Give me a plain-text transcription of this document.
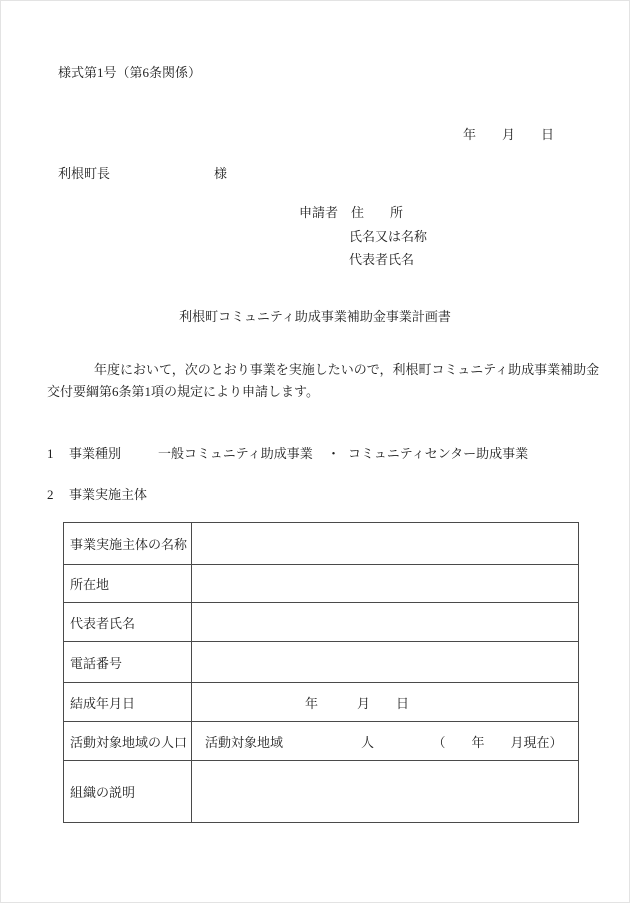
様式第1号（第6条関係）
年　　月　　日
利根町長　　　　　　　　様
申請者　住　　所
氏名又は名称
代表者氏名
利根町コミュニティ助成事業補助金事業計画書
年度において，次のとおり事業を実施したいので，利根町コミュニティ助成事業補助金
交付要綱第6条第1項の規定により申請します。
1 事業種別	一般コミュニティ助成事業 ・ コミュニティセンター助成事業
2 事業実施主体
事業実施主体の名称
所在地
代表者氏名
電話番号
結成年月日	年　　　月　　日
活動対象地域の人口	活動対象地域　　　　　　人　　　　　（　　年　　月現在）
組織の説明
